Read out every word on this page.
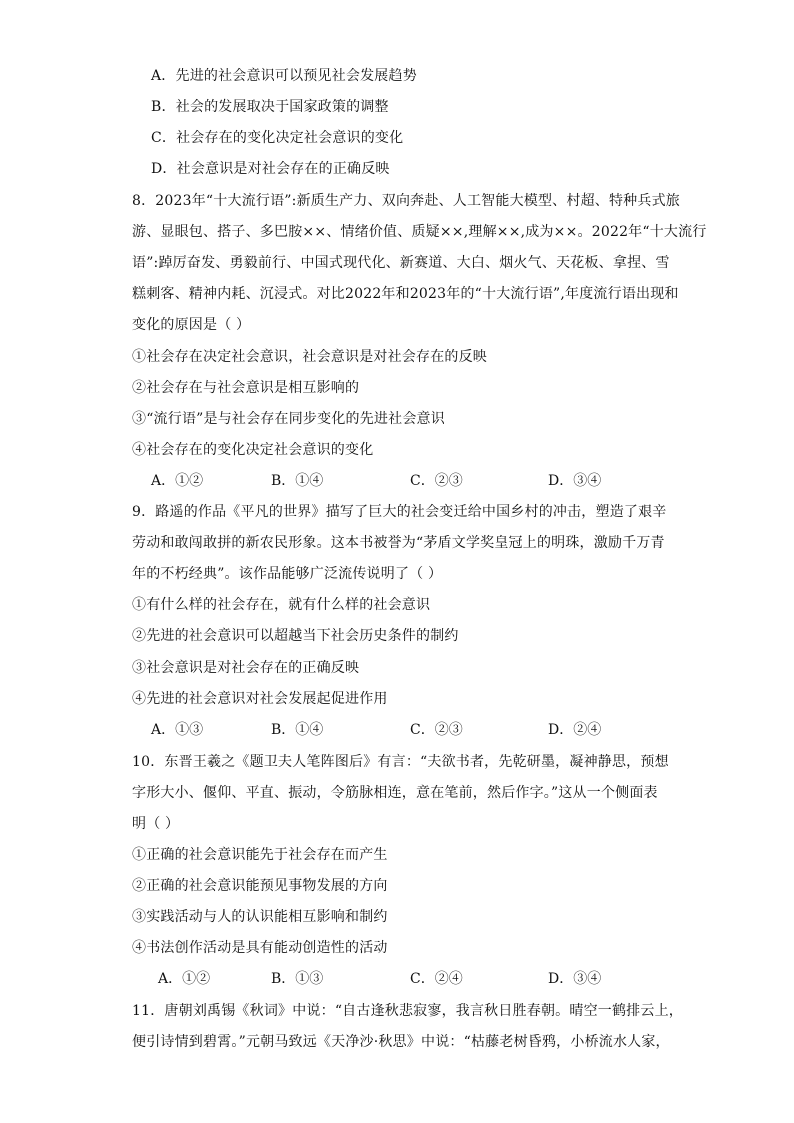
A．先进的社会意识可以预见社会发展趋势
B．社会的发展取决于国家政策的调整
C．社会存在的变化决定社会意识的变化
D．社会意识是对社会存在的正确反映
8．2023年“十大流行语”:新质生产力、双向奔赴、人工智能大模型、村超、特种兵式旅
游、显眼包、搭子、多巴胺××、情绪价值、质疑××,理解××,成为××。2022年“十大流行
语”:踔厉奋发、勇毅前行、中国式现代化、新赛道、大白、烟火气、天花板、拿捏、雪
糕刺客、精神内耗、沉浸式。对比2022年和2023年的“十大流行语”,年度流行语出现和
变化的原因是（ ）
①社会存在决定社会意识，社会意识是对社会存在的反映
②社会存在与社会意识是相互影响的
③“流行语”是与社会存在同步变化的先进社会意识
④社会存在的变化决定社会意识的变化
A．①②	B．①④	C．②③	D．③④
9．路遥的作品《平凡的世界》描写了巨大的社会变迁给中国乡村的冲击，塑造了艰辛
劳动和敢闯敢拼的新农民形象。这本书被誉为“茅盾文学奖皇冠上的明珠，激励千万青
年的不朽经典”。该作品能够广泛流传说明了（ ）
①有什么样的社会存在，就有什么样的社会意识
②先进的社会意识可以超越当下社会历史条件的制约
③社会意识是对社会存在的正确反映
④先进的社会意识对社会发展起促进作用
A．①③	B．①④	C．②③	D．②④
10．东晋王羲之《题卫夫人笔阵图后》有言：“夫欲书者，先乾研墨，凝神静思，预想
字形大小、偃仰、平直、振动，令筋脉相连，意在笔前，然后作字。”这从一个侧面表
明（ ）
①正确的社会意识能先于社会存在而产生
②正确的社会意识能预见事物发展的方向
③实践活动与人的认识能相互影响和制约
④书法创作活动是具有能动创造性的活动
A．①②	B．①③	C．②④	D．③④
11．唐朝刘禹锡《秋词》中说：“自古逢秋悲寂寥，我言秋日胜春朝。晴空一鹤排云上，
便引诗情到碧霄。”元朝马致远《天净沙·秋思》中说：“枯藤老树昏鸦，小桥流水人家，
